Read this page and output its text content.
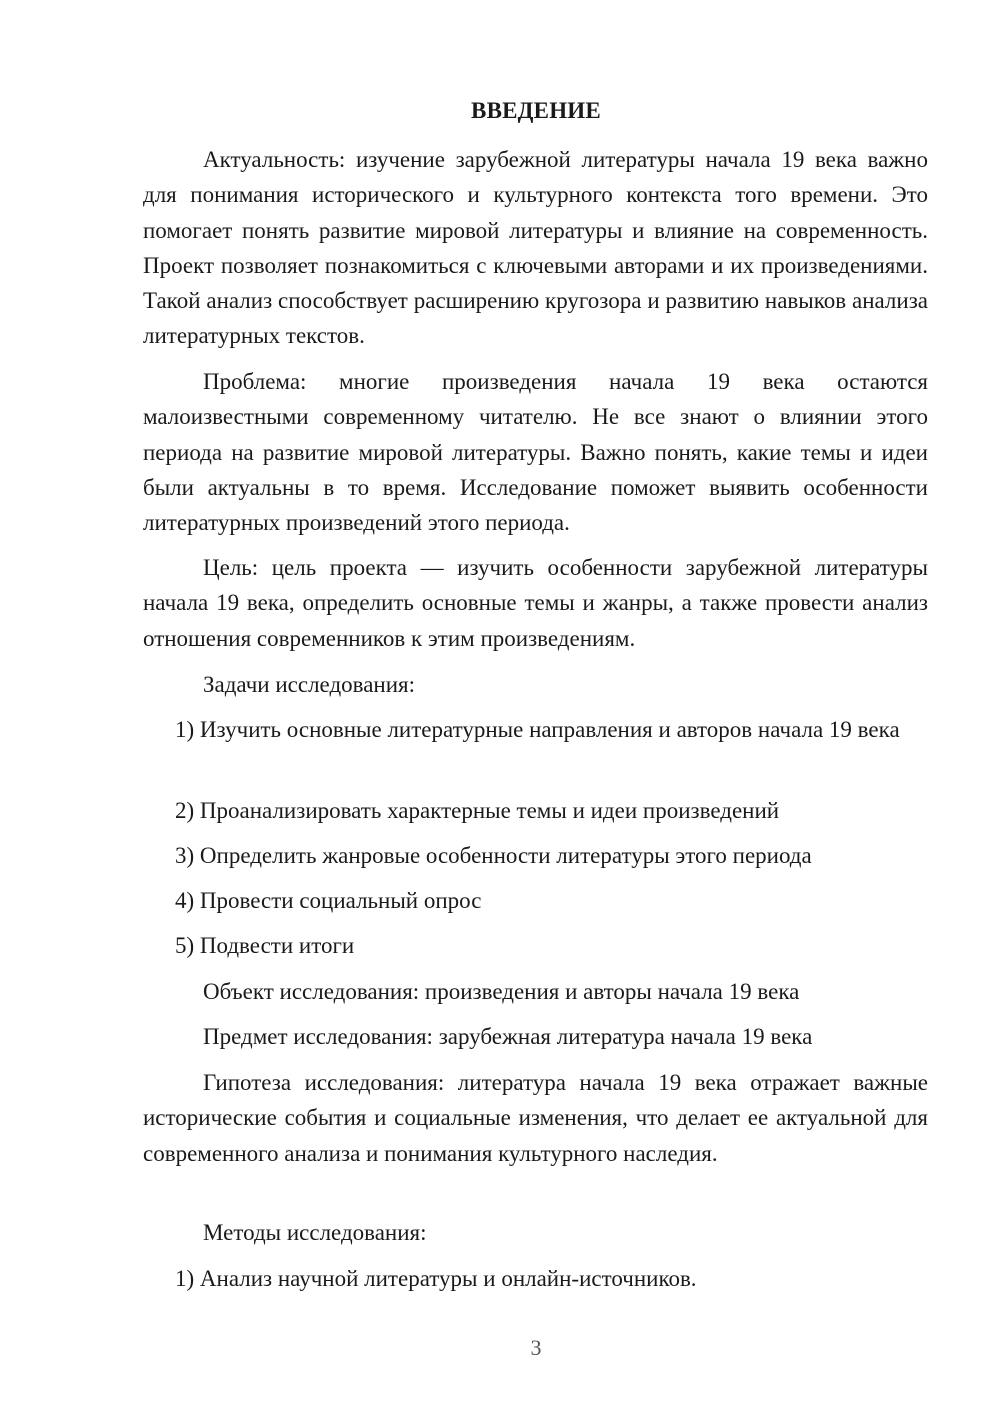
ВВЕДЕНИЕ

Актуальность: изучение зарубежной литературы начала 19 века важно для понимания исторического и культурного контекста того времени. Это помогает понять развитие мировой литературы и влияние на современность. Проект позволяет познакомиться с ключевыми авторами и их произведениями. Такой анализ способствует расширению кругозора и развитию навыков анализа литературных текстов.

Проблема: многие произведения начала 19 века остаются малоизвестными современному читателю. Не все знают о влиянии этого периода на развитие мировой литературы. Важно понять, какие темы и идеи были актуальны в то время. Исследование поможет выявить особенности литературных произведений этого периода.

Цель: цель проекта — изучить особенности зарубежной литературы начала 19 века, определить основные темы и жанры, а также провести анализ отношения современников к этим произведениям.

Задачи исследования:

1) Изучить основные литературные направления и авторов начала 19 века

2) Проанализировать характерные темы и идеи произведений

3) Определить жанровые особенности литературы этого периода

4) Провести социальный опрос

5) Подвести итоги

Объект исследования: произведения и авторы начала 19 века

Предмет исследования: зарубежная литература начала 19 века

Гипотеза исследования: литература начала 19 века отражает важные исторические события и социальные изменения, что делает ее актуальной для современного анализа и понимания культурного наследия.

Методы исследования:

1) Анализ научной литературы и онлайн-источников.

3
